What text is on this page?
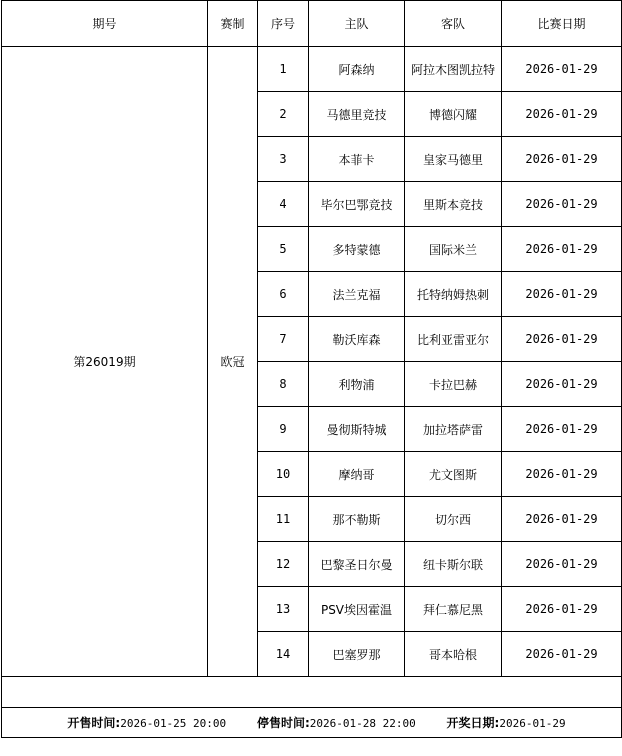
期号	赛制	序号	主队	客队	比赛日期
第26019期	欧冠	1	阿森纳	阿拉木图凯拉特	2026-01-29
		2	马德里竞技	博德闪耀	2026-01-29
		3	本菲卡	皇家马德里	2026-01-29
		4	毕尔巴鄂竞技	里斯本竞技	2026-01-29
		5	多特蒙德	国际米兰	2026-01-29
		6	法兰克福	托特纳姆热刺	2026-01-29
		7	勒沃库森	比利亚雷亚尔	2026-01-29
		8	利物浦	卡拉巴赫	2026-01-29
		9	曼彻斯特城	加拉塔萨雷	2026-01-29
		10	摩纳哥	尤文图斯	2026-01-29
		11	那不勒斯	切尔西	2026-01-29
		12	巴黎圣日尔曼	纽卡斯尔联	2026-01-29
		13	PSV埃因霍温	拜仁慕尼黑	2026-01-29
		14	巴塞罗那	哥本哈根	2026-01-29

开售时间:2026-01-25 20:00 停售时间:2026-01-28 22:00 开奖日期:2026-01-29					
